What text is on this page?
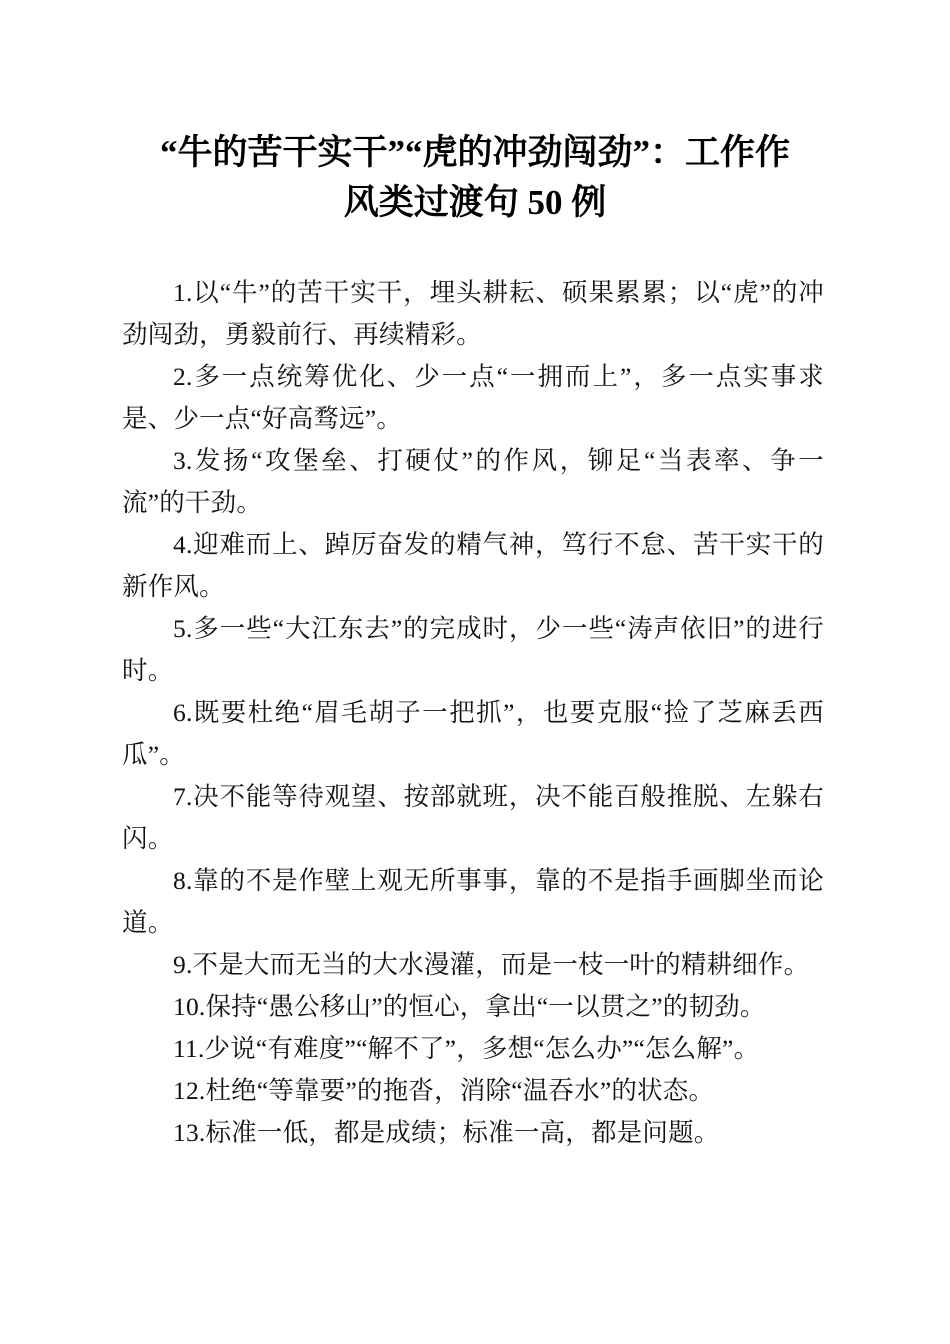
“牛的苦干实干”“虎的冲劲闯劲”：工作作
风类过渡句 50 例

1.以“牛”的苦干实干，埋头耕耘、硕果累累；以“虎”的冲劲闯劲，勇毅前行、再续精彩。

2.多一点统筹优化、少一点“一拥而上”，多一点实事求是、少一点“好高骛远”。

3.发扬“攻堡垒、打硬仗”的作风，铆足“当表率、争一流”的干劲。

4.迎难而上、踔厉奋发的精气神，笃行不怠、苦干实干的新作风。

5.多一些“大江东去”的完成时，少一些“涛声依旧”的进行时。

6.既要杜绝“眉毛胡子一把抓”，也要克服“捡了芝麻丢西瓜”。

7.决不能等待观望、按部就班，决不能百般推脱、左躲右闪。

8.靠的不是作壁上观无所事事，靠的不是指手画脚坐而论道。

9.不是大而无当的大水漫灌，而是一枝一叶的精耕细作。

10.保持“愚公移山”的恒心，拿出“一以贯之”的韧劲。

11.少说“有难度”“解不了”，多想“怎么办”“怎么解”。

12.杜绝“等靠要”的拖沓，消除“温吞水”的状态。

13.标准一低，都是成绩；标准一高，都是问题。
